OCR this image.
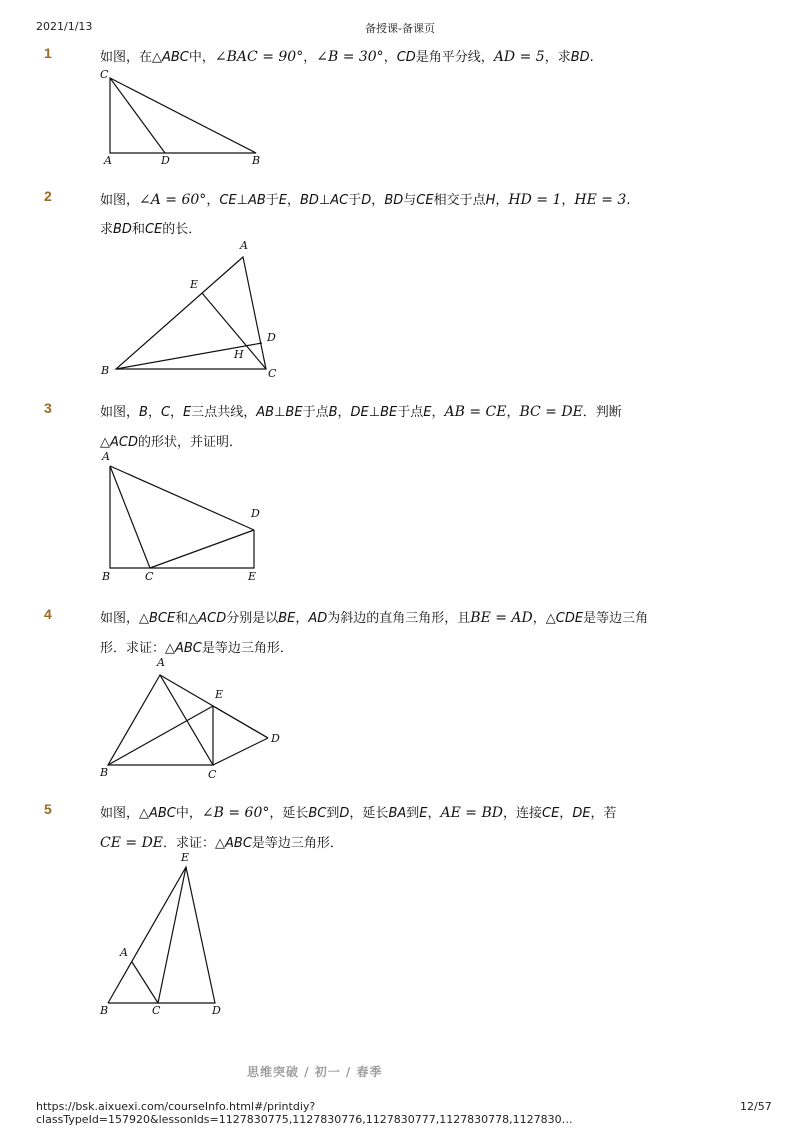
2021/1/13	备授课-备课页
1	如图，在△ABC中，∠BAC = 90°，∠B = 30°，CD是角平分线，AD = 5，求BD.
C
A	D	B
2	如图，∠A = 60°，CE⊥AB于E，BD⊥AC于D，BD与CE相交于点H，HD = 1，HE = 3.
求BD和CE的长．
A
E
D
H
B	C
3	如图，B，C，E三点共线，AB⊥BE于点B，DE⊥BE于点E，AB = CE，BC = DE．判断
△ACD的形状，并证明．
A
D
B	C	E
4	如图，△BCE和△ACD分别是以BE，AD为斜边的直角三角形，且BE = AD，△CDE是等边三角
形．求证：△ABC是等边三角形．
A
E
D
B	C
5	如图，△ABC中，∠B = 60°，延长BC到D，延长BA到E，AE = BD，连接CE，DE，若
CE = DE．求证：△ABC是等边三角形．
E
A
B	C	D
思维突破 / 初一 / 春季
https://bsk.aixuexi.com/courseInfo.html#/printdiy?classTypeId=157920&lessonIds=1127830775,1127830776,1127830777,1127830778,1127830…
12/57
